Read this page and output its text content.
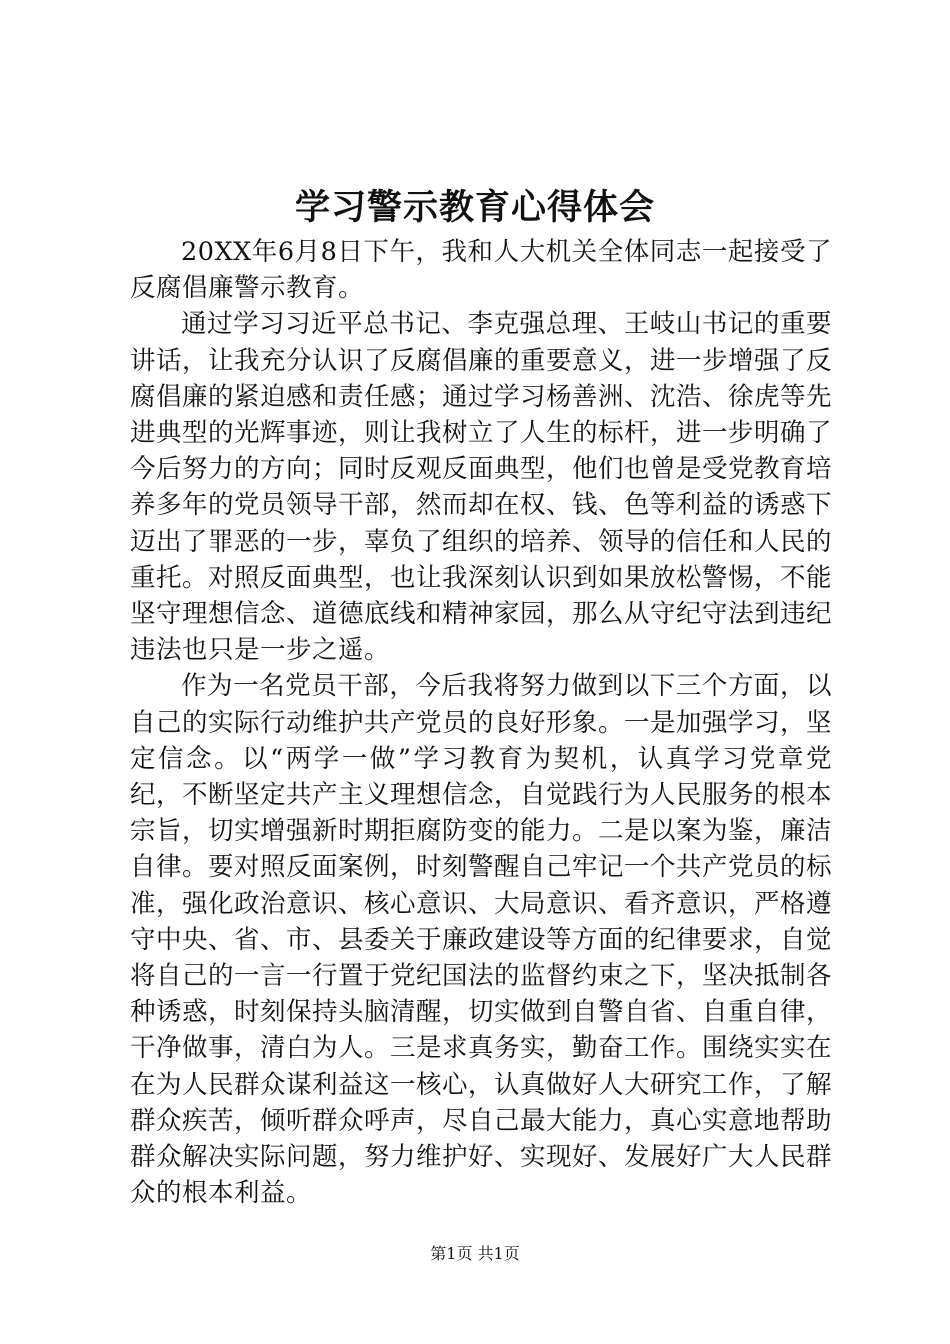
学习警示教育心得体会

20XX年6月8日下午，我和人大机关全体同志一起接受了反腐倡廉警示教育。

通过学习习近平总书记、李克强总理、王岐山书记的重要讲话，让我充分认识了反腐倡廉的重要意义，进一步增强了反腐倡廉的紧迫感和责任感；通过学习杨善洲、沈浩、徐虎等先进典型的光辉事迹，则让我树立了人生的标杆，进一步明确了今后努力的方向；同时反观反面典型，他们也曾是受党教育培养多年的党员领导干部，然而却在权、钱、色等利益的诱惑下迈出了罪恶的一步，辜负了组织的培养、领导的信任和人民的重托。对照反面典型，也让我深刻认识到如果放松警惕，不能坚守理想信念、道德底线和精神家园，那么从守纪守法到违纪违法也只是一步之遥。

作为一名党员干部，今后我将努力做到以下三个方面，以自己的实际行动维护共产党员的良好形象。一是加强学习，坚定信念。以“两学一做”学习教育为契机，认真学习党章党纪，不断坚定共产主义理想信念，自觉践行为人民服务的根本宗旨，切实增强新时期拒腐防变的能力。二是以案为鉴，廉洁自律。要对照反面案例，时刻警醒自己牢记一个共产党员的标准，强化政治意识、核心意识、大局意识、看齐意识，严格遵守中央、省、市、县委关于廉政建设等方面的纪律要求，自觉将自己的一言一行置于党纪国法的监督约束之下，坚决抵制各种诱惑，时刻保持头脑清醒，切实做到自警自省、自重自律，干净做事，清白为人。三是求真务实，勤奋工作。围绕实实在在为人民群众谋利益这一核心，认真做好人大研究工作，了解群众疾苦，倾听群众呼声，尽自己最大能力，真心实意地帮助群众解决实际问题，努力维护好、实现好、发展好广大人民群众的根本利益。

第1页 共1页
